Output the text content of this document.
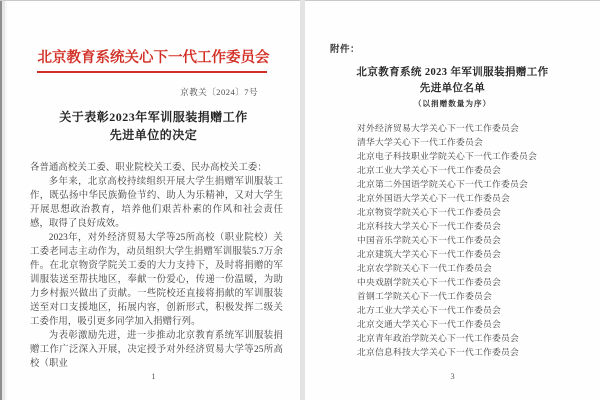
北京教育系统关心下一代工作委员会
京教关〔2024〕7号
关于表彰2023年军训服装捐赠工作
先进单位的决定

各普通高校关工委、职业院校关工委、民办高校关工委：

多年来，北京高校持续组织开展大学生捐赠军训服装工作，既弘扬中华民族勤俭节约、助人为乐精神，又对大学生开展思想政治教育，培养他们艰苦朴素的作风和社会责任感，取得了良好成效。

2023年，对外经济贸易大学等25所高校（职业院校）关工委老同志主动作为，动员组织大学生捐赠军训服装5.7万余件。在北京物资学院关工委的大力支持下，及时将捐赠的军训服装送至帮扶地区，奉献一份爱心，传递一份温暖，为助力乡村振兴做出了贡献。一些院校还直接将捐献的军训服装送至对口支援地区，拓展内容，创新形式，积极发挥二级关工委作用，吸引更多同学加入捐赠行列。

为表彰激励先进，进一步推动北京教育系统军训服装捐赠工作广泛深入开展，决定授予对外经济贸易大学等25所高校（职业

1
附件：
北京教育系统 2023 年军训服装捐赠工作
先进单位名单
（以捐赠数量为序）
对外经济贸易大学关心下一代工作委员会
清华大学关心下一代工作委员会
北京电子科技职业学院关心下一代工作委员会
北京工业大学关心下一代工作委员会
北京第二外国语学院关心下一代工作委员会
北京外国语大学关心下一代工作委员会
北京物资学院关心下一代工作委员会
北京科技大学关心下一代工作委员会
中国音乐学院关心下一代工作委员会
北京建筑大学关心下一代工作委员会
北京农学院关心下一代工作委员会
中央戏剧学院关心下一代工作委员会
首钢工学院关心下一代工作委员会
北方工业大学关心下一代工作委员会
北京交通大学关心下一代工作委员会
北京青年政治学院关心下一代工作委员会
北京信息科技大学关心下一代工作委员会
3
